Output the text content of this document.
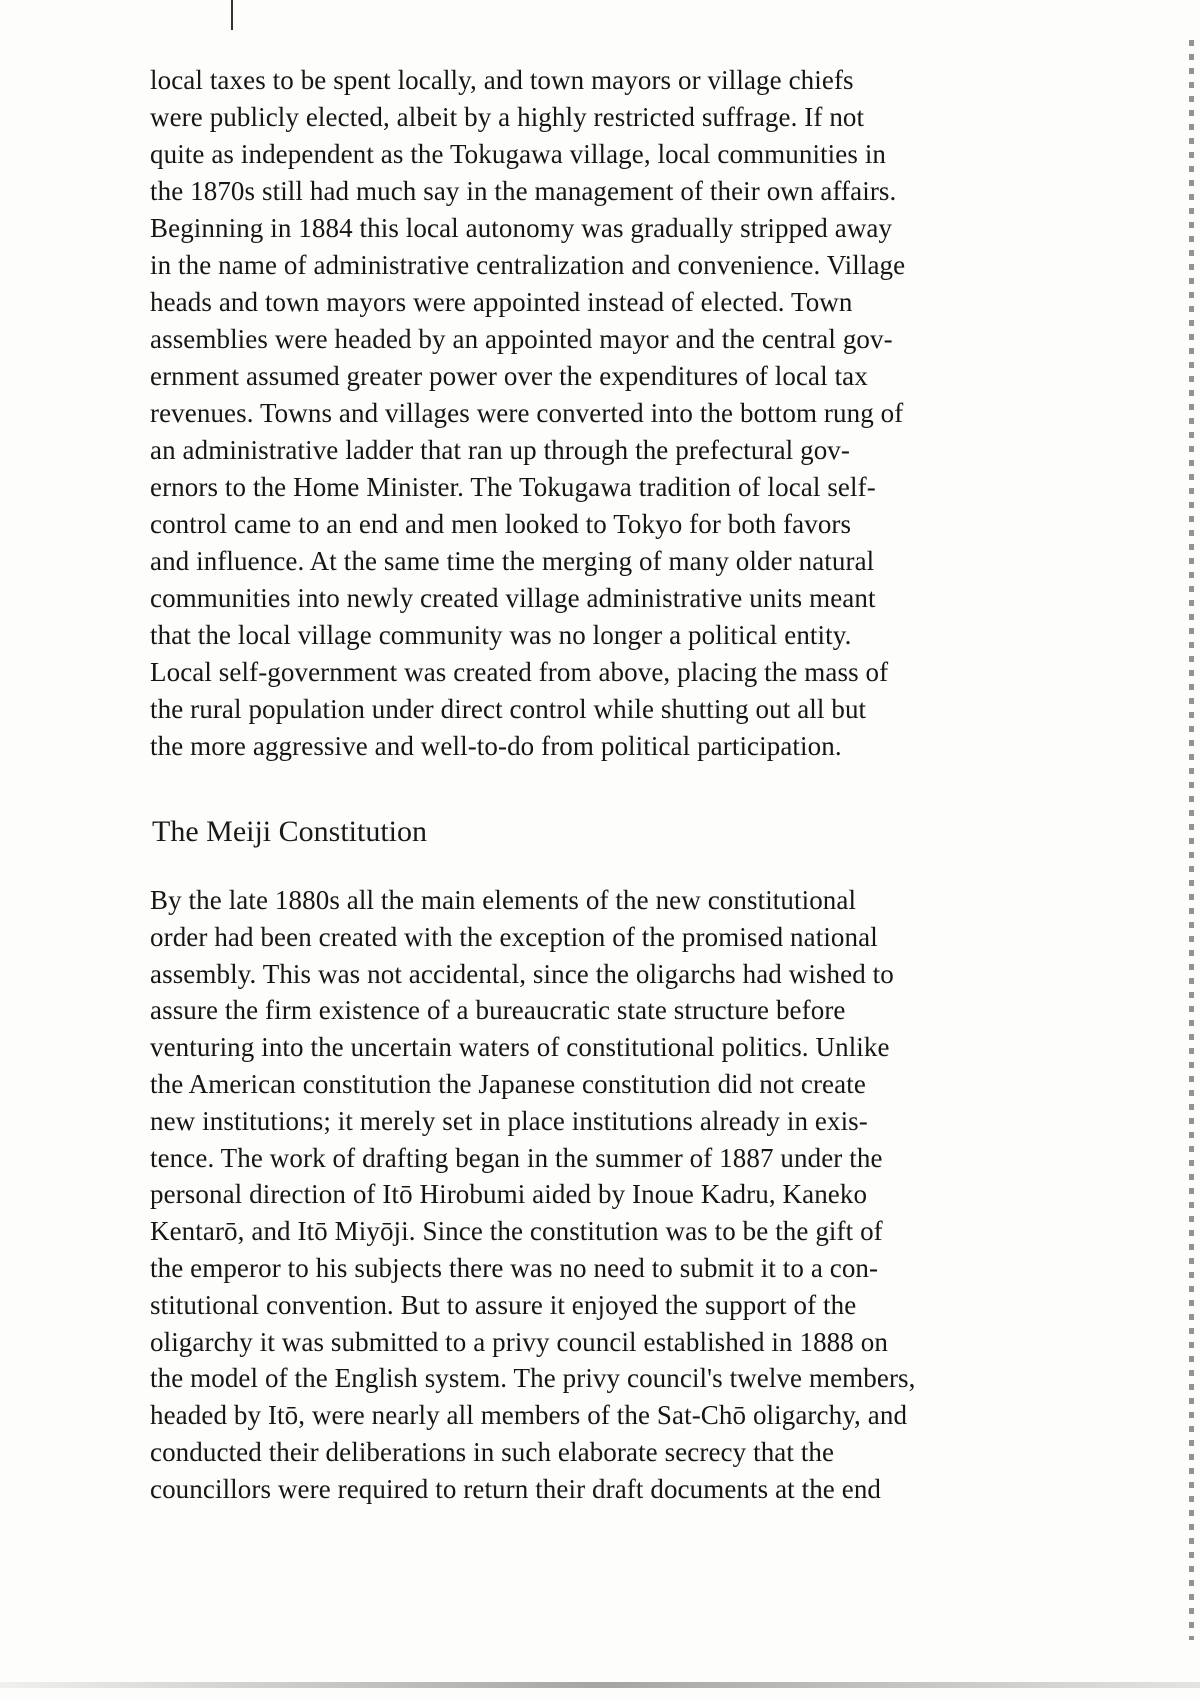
local taxes to be spent locally, and town mayors or village chiefs
were publicly elected, albeit by a highly restricted suffrage. If not
quite as independent as the Tokugawa village, local communities in
the 1870s still had much say in the management of their own affairs.
Beginning in 1884 this local autonomy was gradually stripped away
in the name of administrative centralization and convenience. Village
heads and town mayors were appointed instead of elected. Town
assemblies were headed by an appointed mayor and the central gov-
ernment assumed greater power over the expenditures of local tax
revenues. Towns and villages were converted into the bottom rung of
an administrative ladder that ran up through the prefectural gov-
ernors to the Home Minister. The Tokugawa tradition of local self-
control came to an end and men looked to Tokyo for both favors
and influence. At the same time the merging of many older natural
communities into newly created village administrative units meant
that the local village community was no longer a political entity.
Local self-government was created from above, placing the mass of
the rural population under direct control while shutting out all but
the more aggressive and well-to-do from political participation.
The Meiji Constitution
By the late 1880s all the main elements of the new constitutional
order had been created with the exception of the promised national
assembly. This was not accidental, since the oligarchs had wished to
assure the firm existence of a bureaucratic state structure before
venturing into the uncertain waters of constitutional politics. Unlike
the American constitution the Japanese constitution did not create
new institutions; it merely set in place institutions already in exis-
tence. The work of drafting began in the summer of 1887 under the
personal direction of Itō Hirobumi aided by Inoue Kadru, Kaneko
Kentarō, and Itō Miyōji. Since the constitution was to be the gift of
the emperor to his subjects there was no need to submit it to a con-
stitutional convention. But to assure it enjoyed the support of the
oligarchy it was submitted to a privy council established in 1888 on
the model of the English system. The privy council's twelve members,
headed by Itō, were nearly all members of the Sat-Chō oligarchy, and
conducted their deliberations in such elaborate secrecy that the
councillors were required to return their draft documents at the end
